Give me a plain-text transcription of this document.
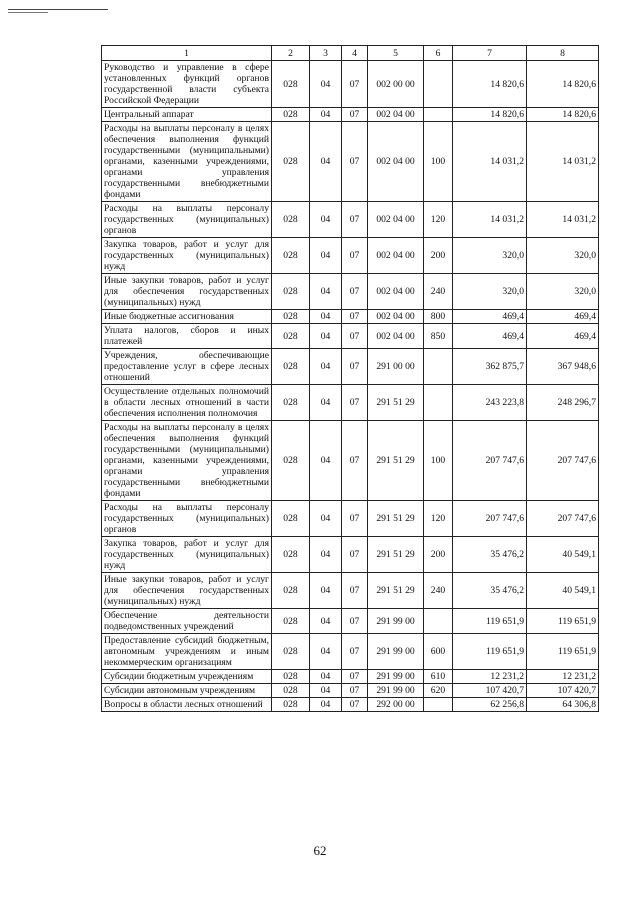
1	2	3	4	5	6	7	8
Руководство и управление в сфере установленных функций органов государственной власти субъекта Российской Федерации	028	04	07	002 00 00		14 820,6	14 820,6
Центральный аппарат	028	04	07	002 04 00		14 820,6	14 820,6
Расходы на выплаты персоналу в целях обеспечения выполнения функций государственными (муниципальными) органами, казенными учреждениями, органами управления государственными внебюджетными фондами	028	04	07	002 04 00	100	14 031,2	14 031,2
Расходы на выплаты персоналу государственных (муниципальных) органов	028	04	07	002 04 00	120	14 031,2	14 031,2
Закупка товаров, работ и услуг для государственных (муниципальных) нужд	028	04	07	002 04 00	200	320,0	320,0
Иные закупки товаров, работ и услуг для обеспечения государственных (муниципальных) нужд	028	04	07	002 04 00	240	320,0	320,0
Иные бюджетные ассигнования	028	04	07	002 04 00	800	469,4	469,4
Уплата налогов, сборов и иных платежей	028	04	07	002 04 00	850	469,4	469,4
Учреждения, обеспечивающие предоставление услуг в сфере лесных отношений	028	04	07	291 00 00		362 875,7	367 948,6
Осуществление отдельных полномочий в области лесных отношений в части обеспечения исполнения полномочия	028	04	07	291 51 29		243 223,8	248 296,7
Расходы на выплаты персоналу в целях обеспечения выполнения функций государственными (муниципальными) органами, казенными учреждениями, органами управления государственными внебюджетными фондами	028	04	07	291 51 29	100	207 747,6	207 747,6
Расходы на выплаты персоналу государственных (муниципальных) органов	028	04	07	291 51 29	120	207 747,6	207 747,6
Закупка товаров, работ и услуг для государственных (муниципальных) нужд	028	04	07	291 51 29	200	35 476,2	40 549,1
Иные закупки товаров, работ и услуг для обеспечения государственных (муниципальных) нужд	028	04	07	291 51 29	240	35 476,2	40 549,1
Обеспечение деятельности подведомственных учреждений	028	04	07	291 99 00		119 651,9	119 651,9
Предоставление субсидий бюджетным, автономным учреждениям и иным некоммерческим организациям	028	04	07	291 99 00	600	119 651,9	119 651,9
Субсидии бюджетным учреждениям	028	04	07	291 99 00	610	12 231,2	12 231,2
Субсидии автономным учреждениям	028	04	07	291 99 00	620	107 420,7	107 420,7
Вопросы в области лесных отношений	028	04	07	292 00 00		62 256,8	64 306,8
62
